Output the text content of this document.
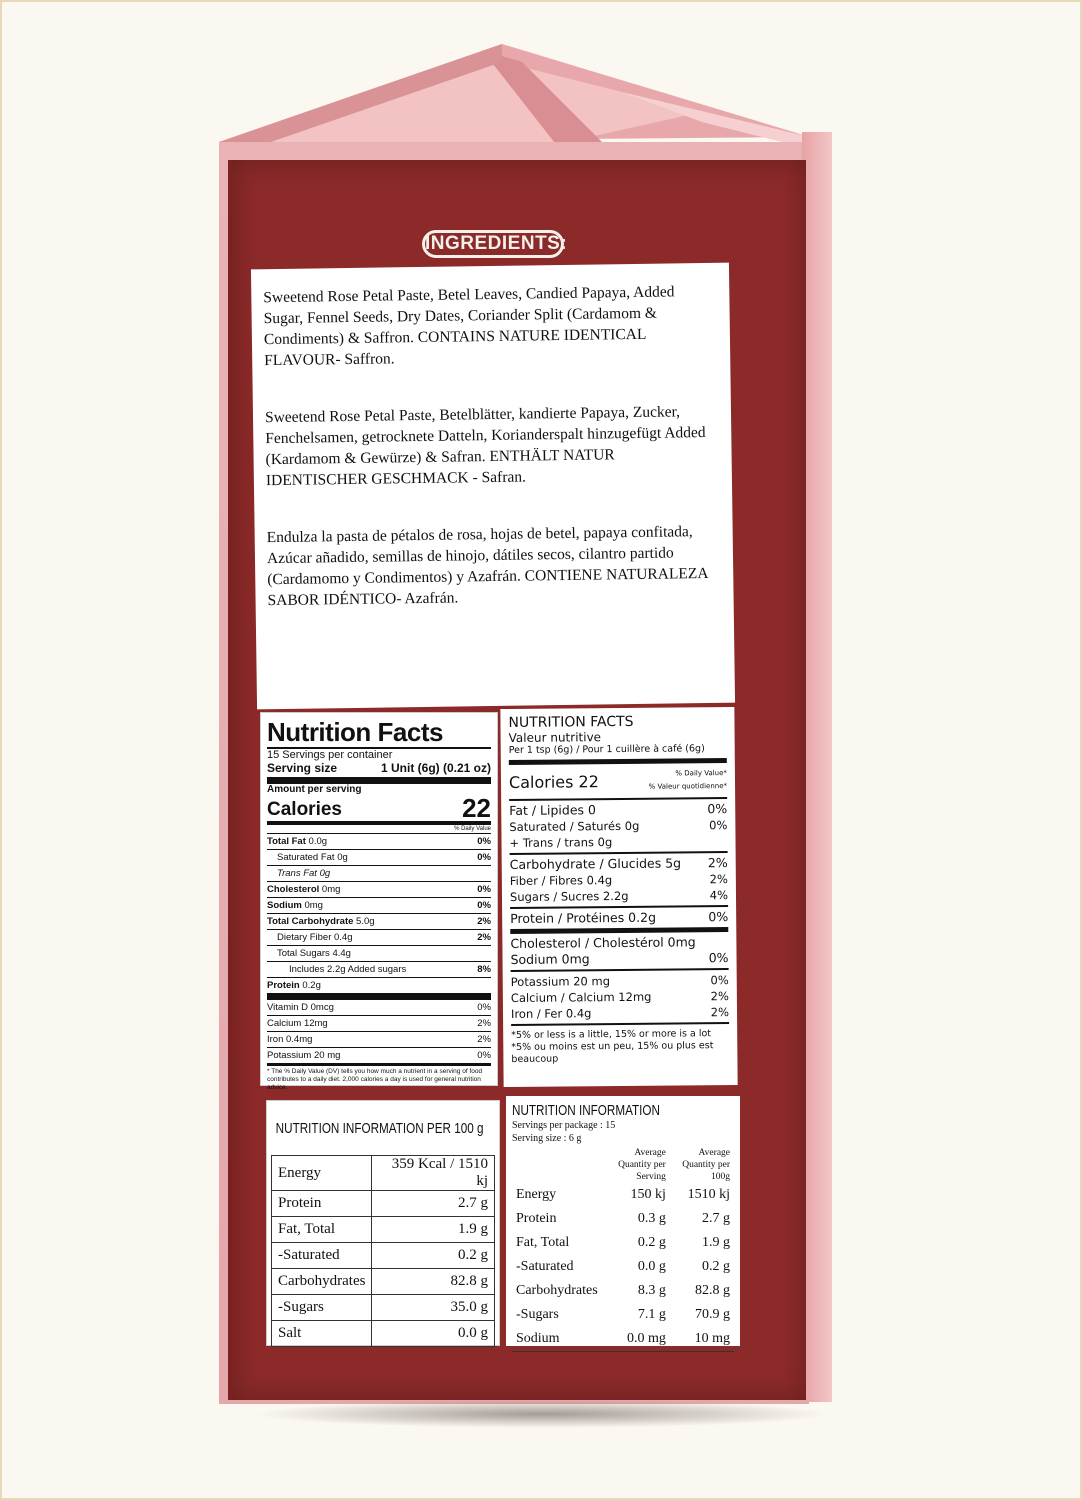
INGREDIENTS:

Sweetend Rose Petal Paste, Betel Leaves, Candied Papaya, Added Sugar, Fennel Seeds, Dry Dates, Coriander Split (Cardamom & Condiments) & Saffron. CONTAINS NATURE IDENTICAL FLAVOUR- Saffron.

Sweetend Rose Petal Paste, Betelblätter, kandierte Papaya, Zucker, Fenchelsamen, getrocknete Datteln, Korianderspalt hinzugefügt Added (Kardamom & Gewürze) & Safran. ENTHÄLT NATUR IDENTISCHER GESCHMACK - Safran.

Endulza la pasta de pétalos de rosa, hojas de betel, papaya confitada, Azúcar añadido, semillas de hinojo, dátiles secos, cilantro partido (Cardamomo y Condimentos) y Azafrán. CONTIENE NATURALEZA SABOR IDÉNTICO- Azafrán.

Nutrition Facts
15 Servings per container
Serving size	1 Unit (6g) (0.21 oz)
Amount per serving
Calories	22
% Daily Value
Total Fat 0.0g	0%
Saturated Fat 0g	0%
Trans Fat 0g
Cholesterol 0mg	0%
Sodium 0mg	0%
Total Carbohydrate 5.0g	2%
Dietary Fiber 0.4g	2%
Total Sugars 4.4g
Includes 2.2g Added sugars	8%
Protein 0.2g
Vitamin D 0mcg	0%
Calcium 12mg	2%
Iron 0.4mg	2%
Potassium 20 mg	0%
* The % Daily Value (DV) tells you how much a nutrient in a serving of food contributes to a daily diet. 2,000 calories a day is used for general nutrition advice.
NUTRITION FACTS
Valeur nutritive
Per 1 tsp (6g) / Pour 1 cuillère à café (6g)
Calories 22	% Daily Value*
% Valeur quotidienne*
Fat / Lipides 0	0%
Saturated / Saturés 0g	0%
+ Trans / trans 0g
Carbohydrate / Glucides 5g 2%
Fiber / Fibres 0.4g	2%
Sugars / Sucres 2.2g	4%
Protein / Protéines 0.2g	0%
Cholesterol / Cholestérol 0mg
Sodium 0mg	0%
Potassium 20 mg	0%
Calcium / Calcium 12mg	2%
Iron / Fer 0.4g	2%
*5% or less is a little, 15% or more is a lot
*5% ou moins est un peu, 15% ou plus est beaucoup
NUTRITION INFORMATION PER 100 g
Energy	359 Kcal / 1510 kj
Protein	2.7 g
Fat, Total	1.9 g
-Saturated	0.2 g
Carbohydrates	82.8 g
-Sugars	35.0 g
Salt	0.0 g
NUTRITION INFORMATION
Servings per package : 15
Serving size : 6 g
	Average Quantity per Serving	Average Quantity per 100g
Energy	150 kj	1510 kj
Protein	0.3 g	2.7 g
Fat, Total	0.2 g	1.9 g
-Saturated	0.0 g	0.2 g
Carbohydrates	8.3 g	82.8 g
-Sugars	7.1 g	70.9 g
Sodium	0.0 mg	10 mg
